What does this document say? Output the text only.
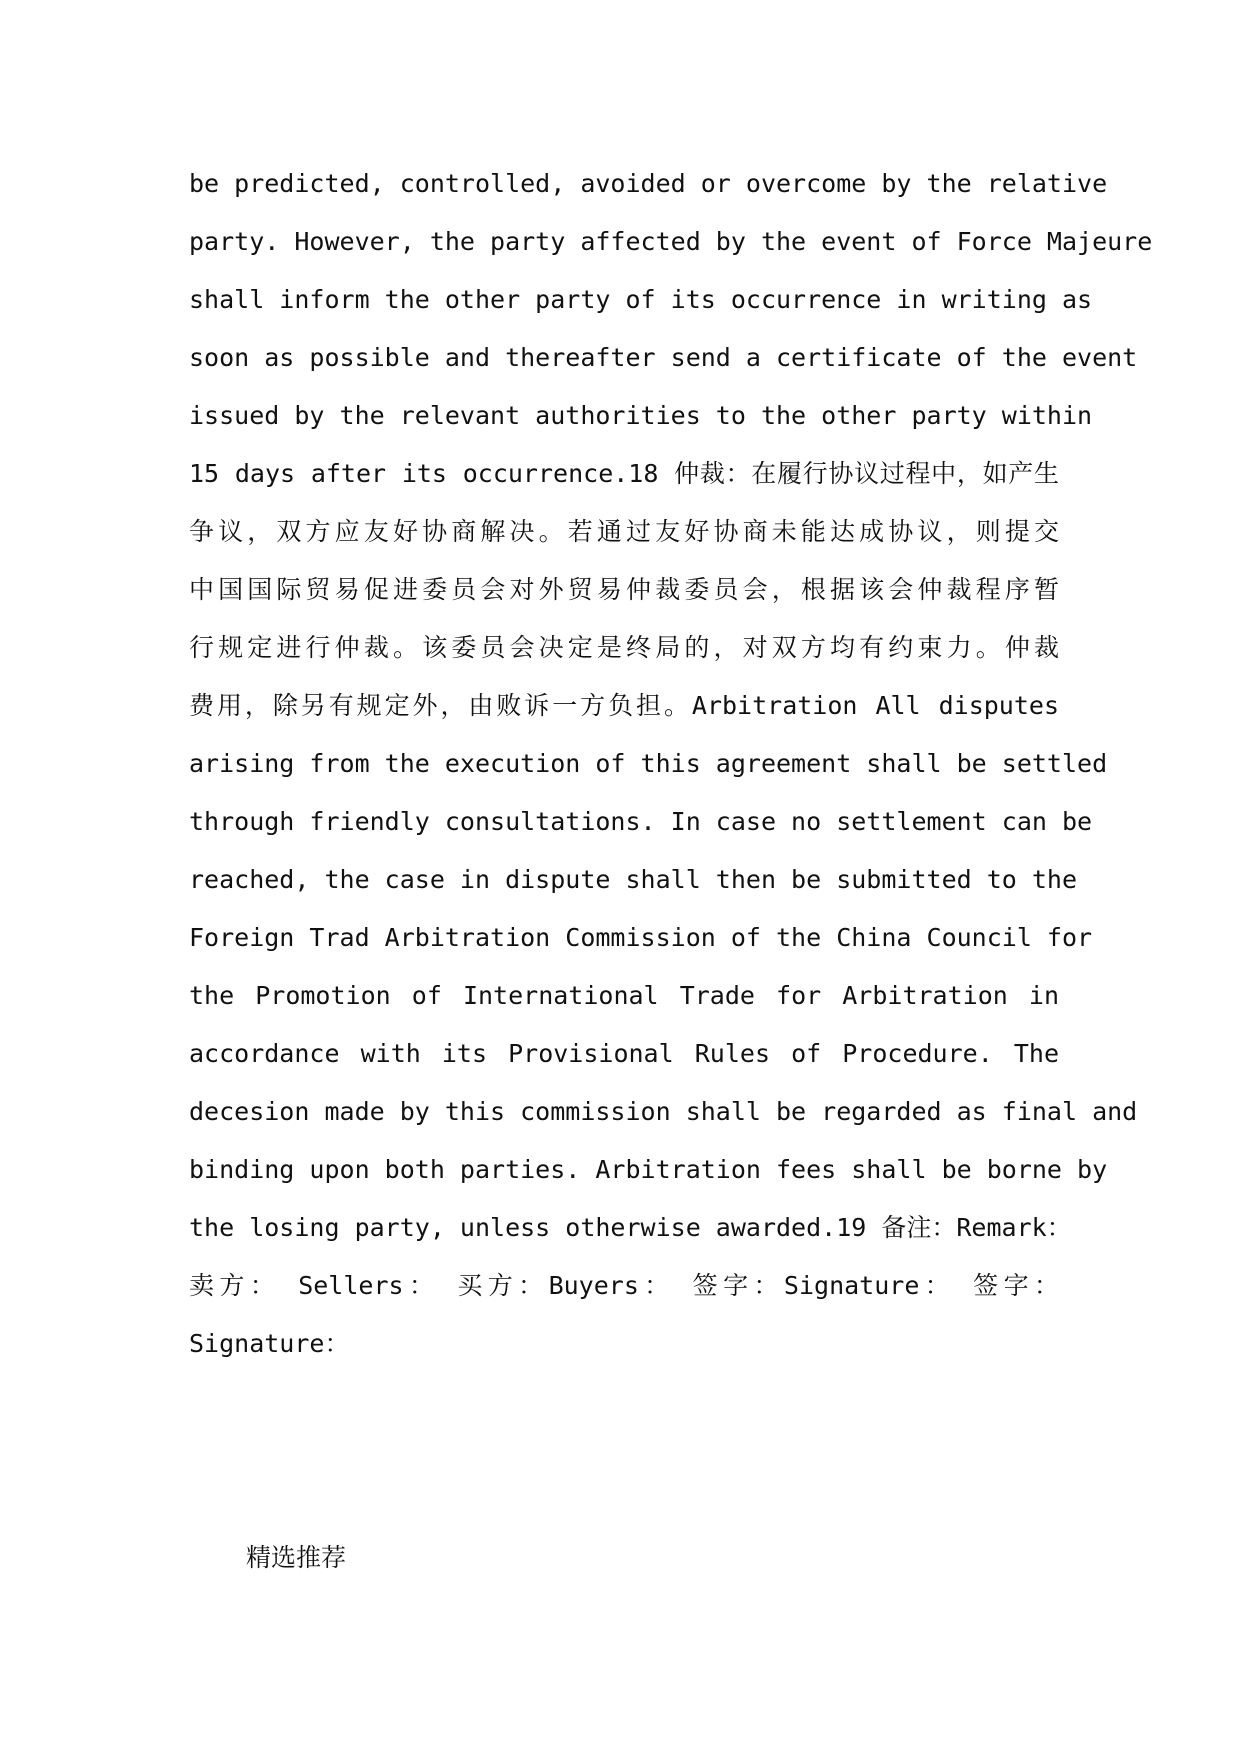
be predicted, controlled, avoided or overcome by the relative
party. However, the party affected by the event of Force Majeure
shall inform the other party of its occurrence in writing as
soon as possible and thereafter send a certificate of the event
issued by the relevant authorities to the other party within
15 days after its occurrence.18 仲裁：在履行协议过程中，如产生
争议，双方应友好协商解决。若通过友好协商未能达成协议，则提交
中国国际贸易促进委员会对外贸易仲裁委员会，根据该会仲裁程序暂
行规定进行仲裁。该委员会决定是终局的，对双方均有约束力。仲裁
费用，除另有规定外，由败诉一方负担。Arbitration All disputes
arising from the execution of this agreement shall be settled
through friendly consultations. In case no settlement can be
reached, the case in dispute shall then be submitted to the
Foreign Trad Arbitration Commission of the China Council for
the Promotion of International Trade for Arbitration in
accordance with its Provisional Rules of Procedure. The
decesion made by this commission shall be regarded as final and
binding upon both parties. Arbitration fees shall be borne by
the losing party, unless otherwise awarded.19 备注：Remark：
卖方：　Sellers：　买方：Buyers：　签字：Signature：　签字：
Signature：
精选推荐
